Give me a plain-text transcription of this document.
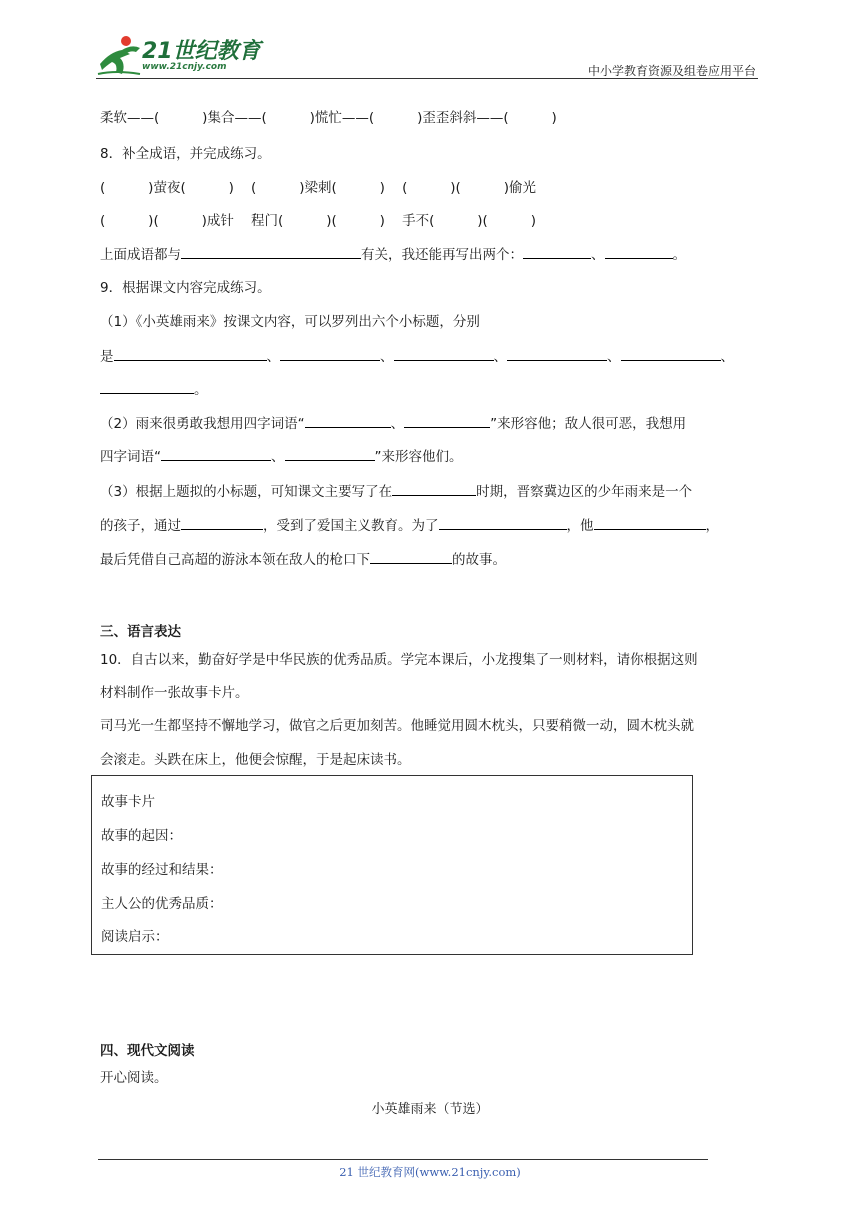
21世纪教育
www.21cnjy.com	中小学教育资源及组卷应用平台
柔软——(          )集合——(          )慌忙——(          )歪歪斜斜——(          )
8．补全成语，并完成练习。
(          )萤夜(          )    (          )梁刺(          )    (          )(          )偷光
(          )(          )成针    程门(          )(          )    手不(          )(          )
上面成语都与	有关，我还能再写出两个：	、	。
9．根据课文内容完成练习。
（1）《小英雄雨来》按课文内容，可以罗列出六个小标题，分别
是	、	、	、	、	、
。
（2）雨来很勇敢我想用四字词语“	、	”来形容他；敌人很可恶，我想用
四字词语“	、	”来形容他们。
（3）根据上题拟的小标题，可知课文主要写了在	时期，晋察冀边区的少年雨来是一个
的孩子，通过	，受到了爱国主义教育。为了	，他	，
最后凭借自己高超的游泳本领在敌人的枪口下	的故事。
三、语言表达
10．自古以来，勤奋好学是中华民族的优秀品质。学完本课后，小龙搜集了一则材料，请你根据这则
材料制作一张故事卡片。
司马光一生都坚持不懈地学习，做官之后更加刻苦。他睡觉用圆木枕头，只要稍微一动，圆木枕头就
会滚走。头跌在床上，他便会惊醒，于是起床读书。
故事卡片
故事的起因：
故事的经过和结果：
主人公的优秀品质：
阅读启示：
四、现代文阅读
开心阅读。
小英雄雨来（节选）
21 世纪教育网(www.21cnjy.com)
